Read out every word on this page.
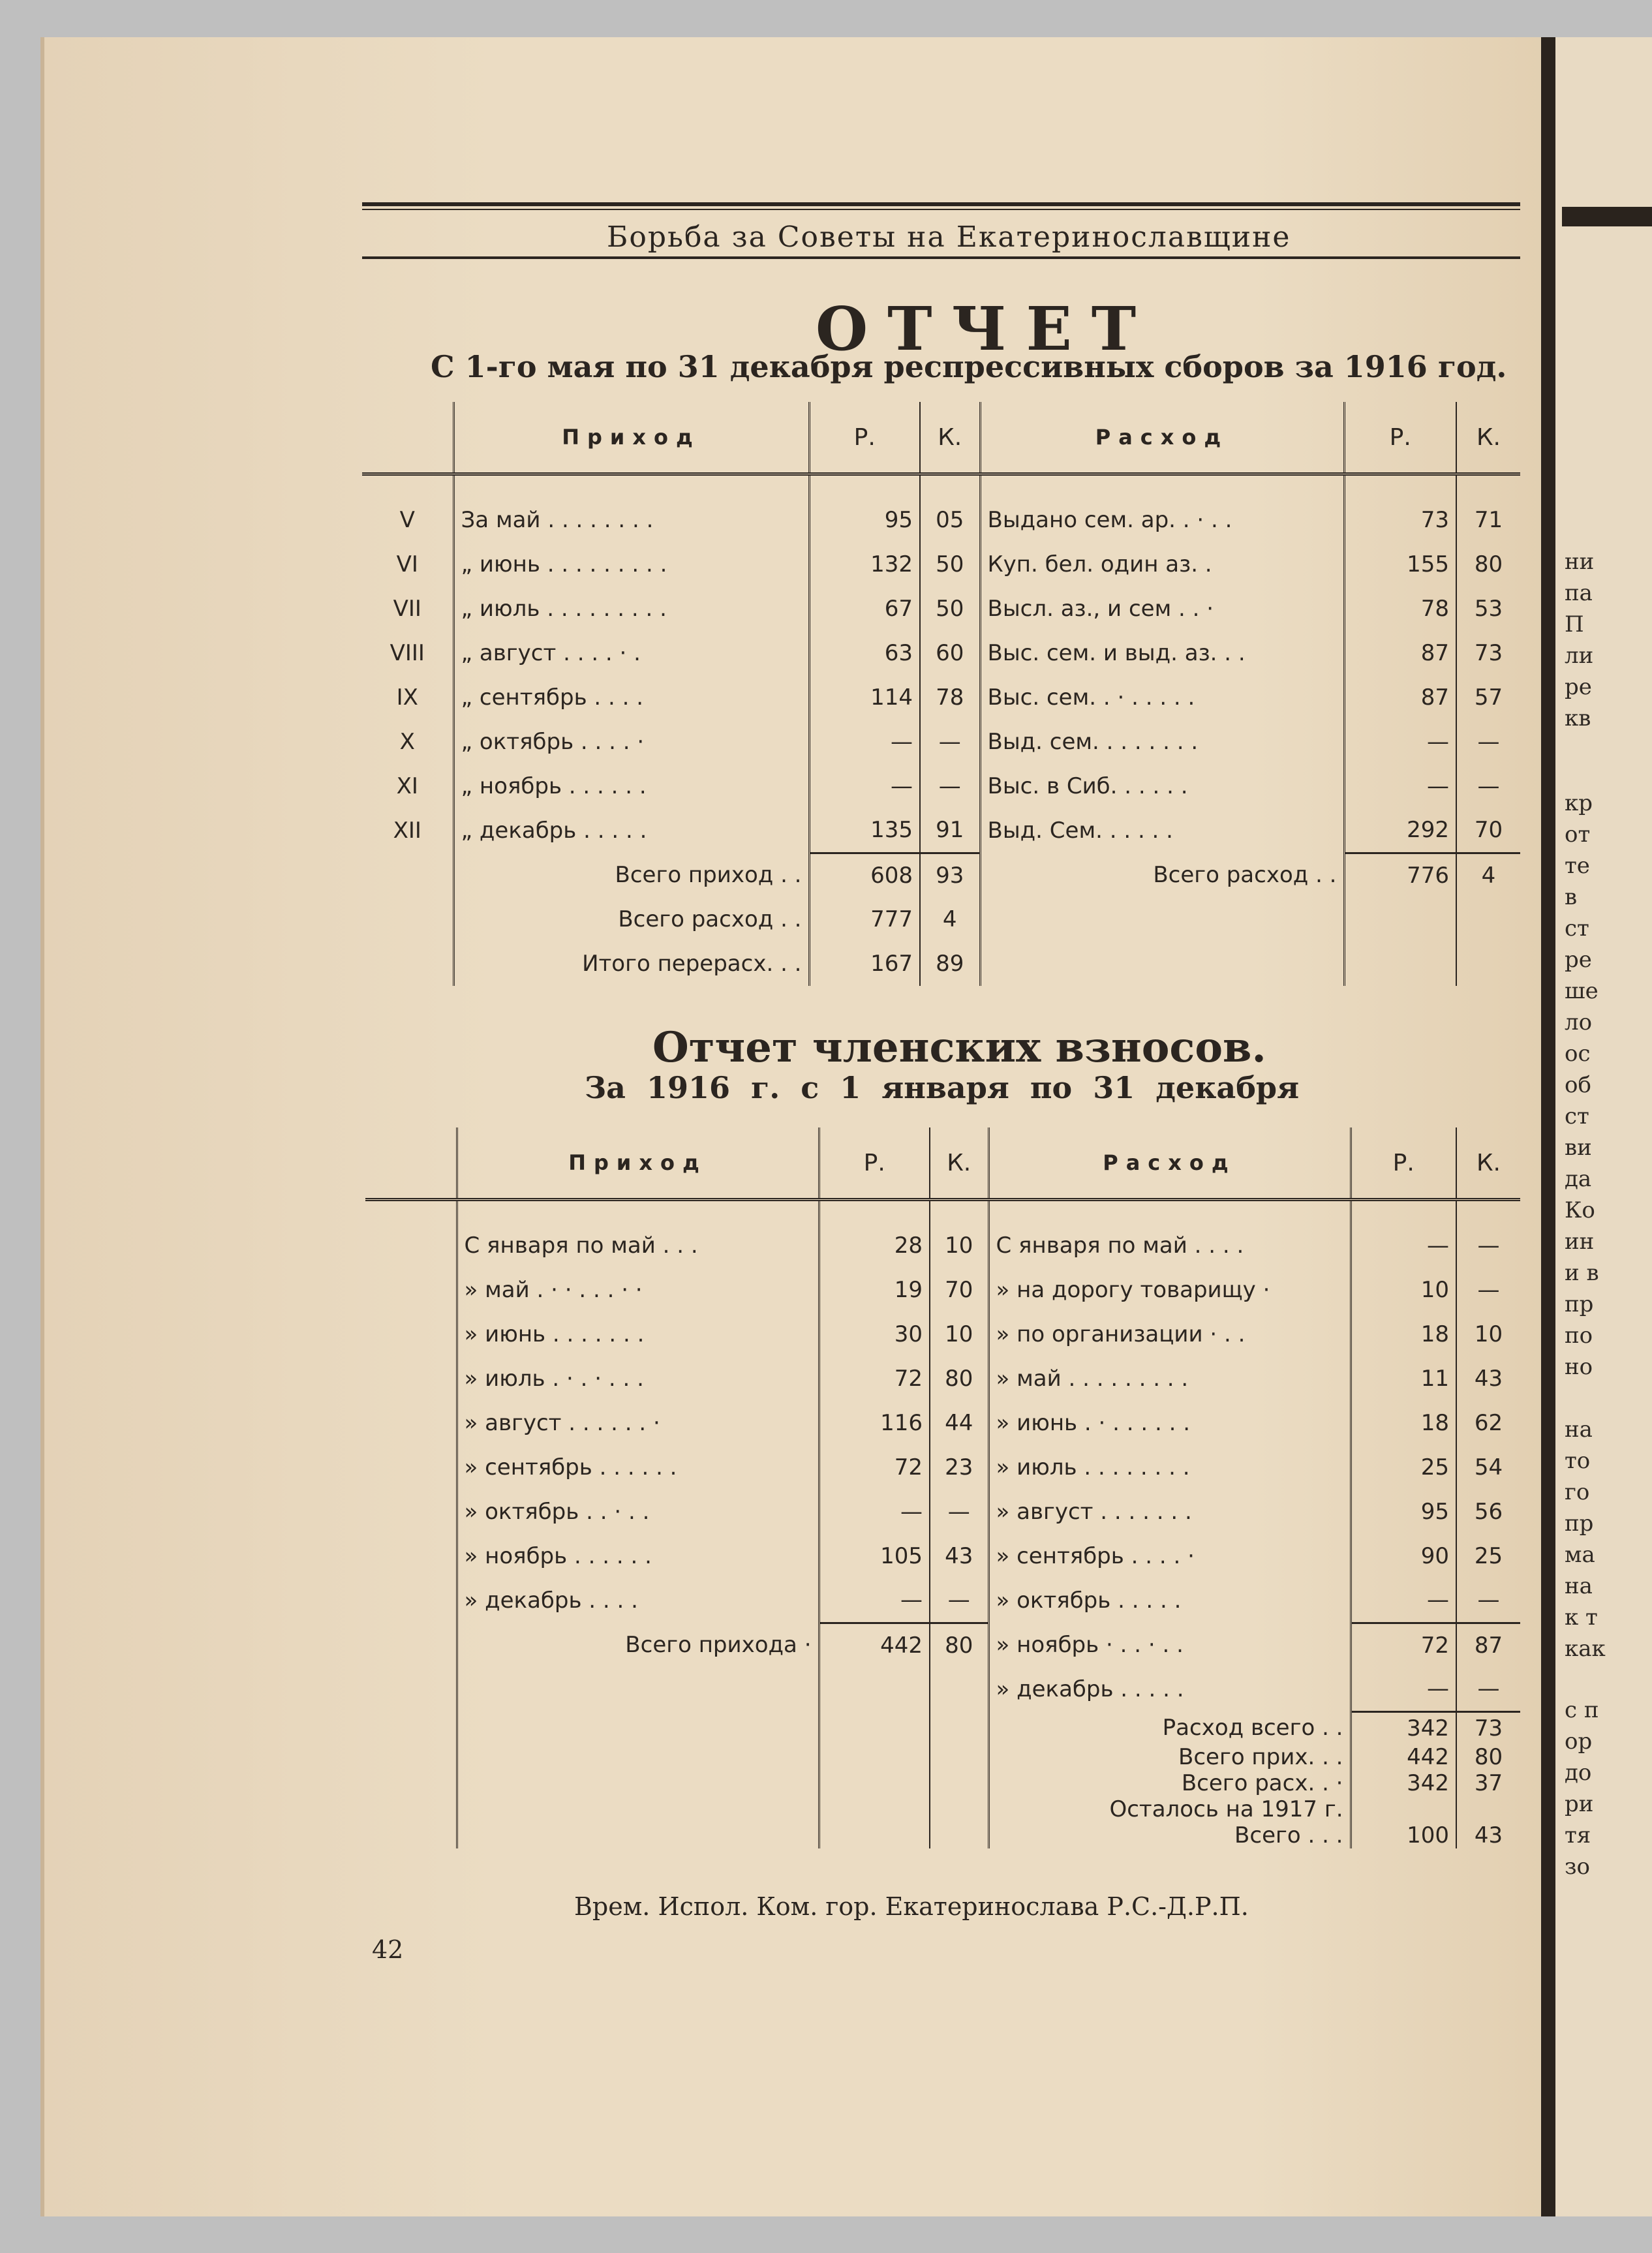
ни
па
П
ли
ре
кв
кр
от
те
в
ст
ре
ше
ло
ос
об
ст
ви
да
Ко
ин
и в
пр
по
но
на
то
го
пр
ма
на
к т
как
с п
ор
до
ри
тя
зо
Борьба за Советы на Екатеринославщине
ОТЧЕТ
С 1-го мая по 31 декабря респрессивных сборов за 1916 год.
	Приход	Р.	К.	Расход	Р.	К.

V	За май . . . . . . . .	95	05	Выдано сем. ар. . · . .	73	71
VI	„ июнь . . . . . . . . .	132	50	Куп. бел. один аз. .	155	80
VII	„ июль . . . . . . . . .	67	50	Высл. аз., и сем . . ·	78	53
VIII	„ август . . . . · .	63	60	Выс. сем. и выд. аз. . .	87	73
IX	„ сентябрь . . . .	114	78	Выс. сем. . · . . . . .	87	57
X	„ октябрь . . . . ·	—	—	Выд. сем. . . . . . . .	—	—
XI	„ ноябрь . . . . . .	—	—	Выс. в Сиб. . . . . .	—	—
XII	„ декабрь . . . . .	135	91	Выд. Сем. . . . . .	292	70
	Всего приход . .	608	93	Всего расход . .	776	4
	Всего расход . .	777	4			
	Итого перерасх. . .	167	89			
Отчет членских взносов.
За 1916 г. с 1 января по 31 декабря
	Приход	Р.	К.	Расход	Р.	К.

	С января по май . . .	28	10	С января по май . . . .	—	—
	» май . · · . . . · ·	19	70	» на дорогу товарищу ·	10	—
	» июнь . . . . . . .	30	10	» по организации · . .	18	10
	» июль . · . · . . .	72	80	» май . . . . . . . . .	11	43
	» август . . . . . . ·	116	44	» июнь . · . . . . . .	18	62
	» сентябрь . . . . . .	72	23	» июль . . . . . . . .	25	54
	» октябрь . . · . .	—	—	» август . . . . . . .	95	56
	» ноябрь . . . . . .	105	43	» сентябрь . . . . ·	90	25
	» декабрь . . . .	—	—	» октябрь . . . . .	—	—
	Всего прихода ·	442	80	» ноябрь · . . · . .	72	87
				» декабрь . . . . .	—	—
				Расход всего . .	342	73
				Всего прих. . .	442	80
				Всего расх. . ·	342	37
				Осталось на 1917 г.		
				Всего . . .	100	43
Врем. Испол. Ком. гор. Екатеринослава Р.С.-Д.Р.П.
42
